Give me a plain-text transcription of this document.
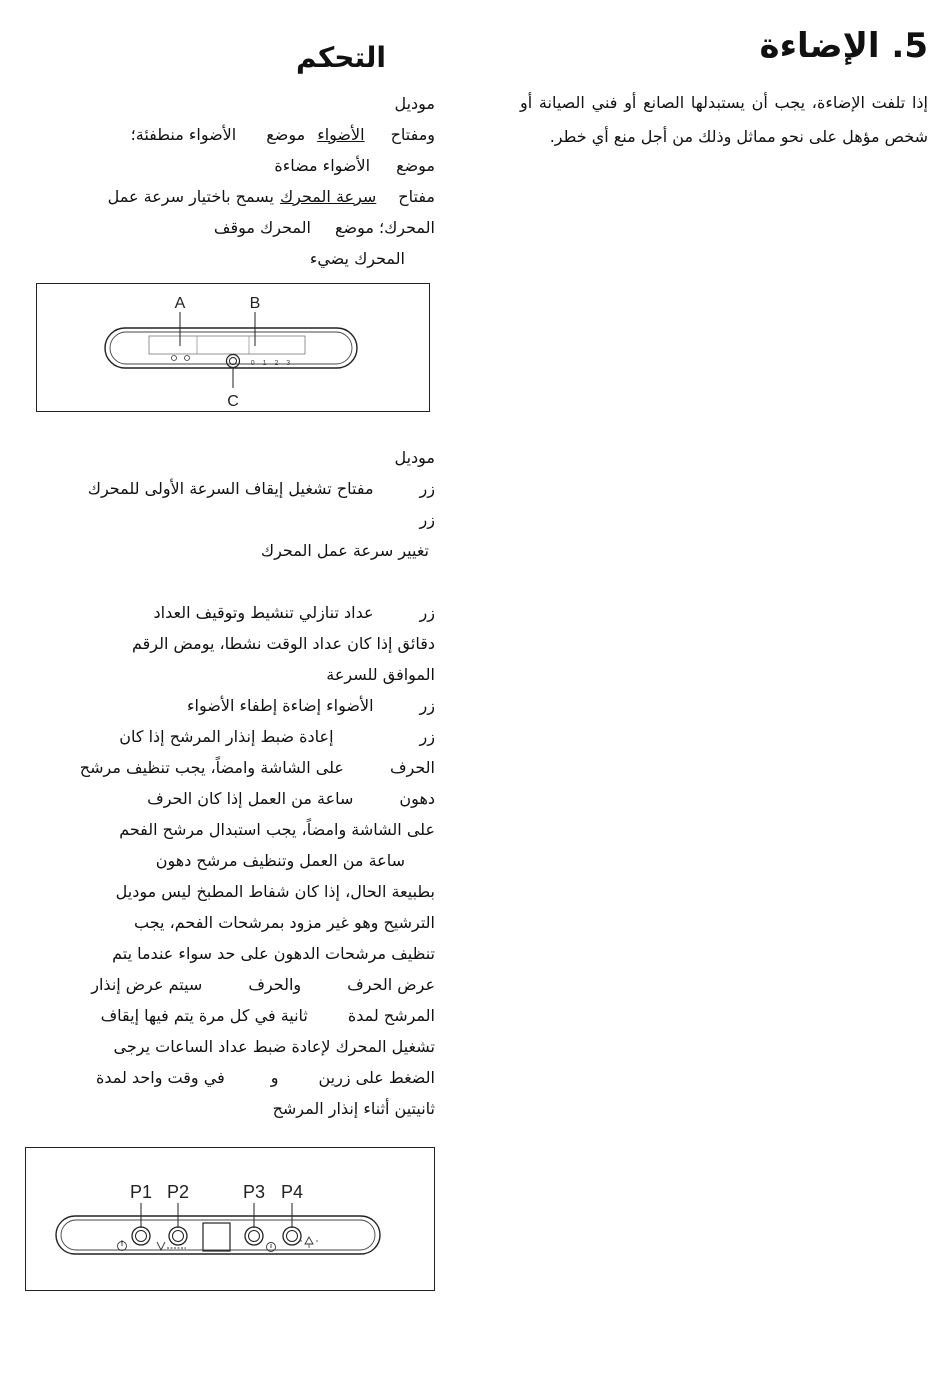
5. الإضاءة

إذا تلفت الإضاءة، يجب أن يستبدلها الصانع أو فني الصيانة أو شخص مؤهل على نحو مماثل وذلك من أجل منع أي خطر.

التحكم
موديل
ومفتاحالأضواءموضعالأضواء منطفئة؛
موضعالأضواء مضاءة
مفتاحسرعة المحركيسمح باختيار سرعة عمل
المحرك؛ موضعالمحرك موقف
المحرك يضيء
A	B
C
0 1 2 3
موديل
زرمفتاح تشغيل إيقاف السرعة الأولى للمحرك
زر
تغيير سرعة عمل المحرك
زرعداد تنازلي تنشيط وتوقيف العداد
دقائق إذا كان عداد الوقت نشطا، يومض الرقم
الموافق للسرعة
زرالأضواء إضاءة إطفاء الأضواء
زرإعادة ضبط إنذار المرشح إذا كان
الحرفعلى الشاشة وامضاً، يجب تنظيف مرشح
دهونساعة من العمل إذا كان الحرف
على الشاشة وامضاً، يجب استبدال مرشح الفحم
ساعة من العمل وتنظيف مرشح دهون
بطبيعة الحال، إذا كان شفاط المطبخ ليس موديل
الترشيح وهو غير مزود بمرشحات الفحم، يجب
تنظيف مرشحات الدهون على حد سواء عندما يتم
عرض الحرفوالحرفسيتم عرض إنذار
المرشح لمدةثانية في كل مرة يتم فيها إيقاف
تشغيل المحرك لإعادة ضبط عداد الساعات يرجى
الضغط على زرينوفي وقت واحد لمدة
ثانيتين أثناء إنذار المرشح
P1 P2	P3 P4
